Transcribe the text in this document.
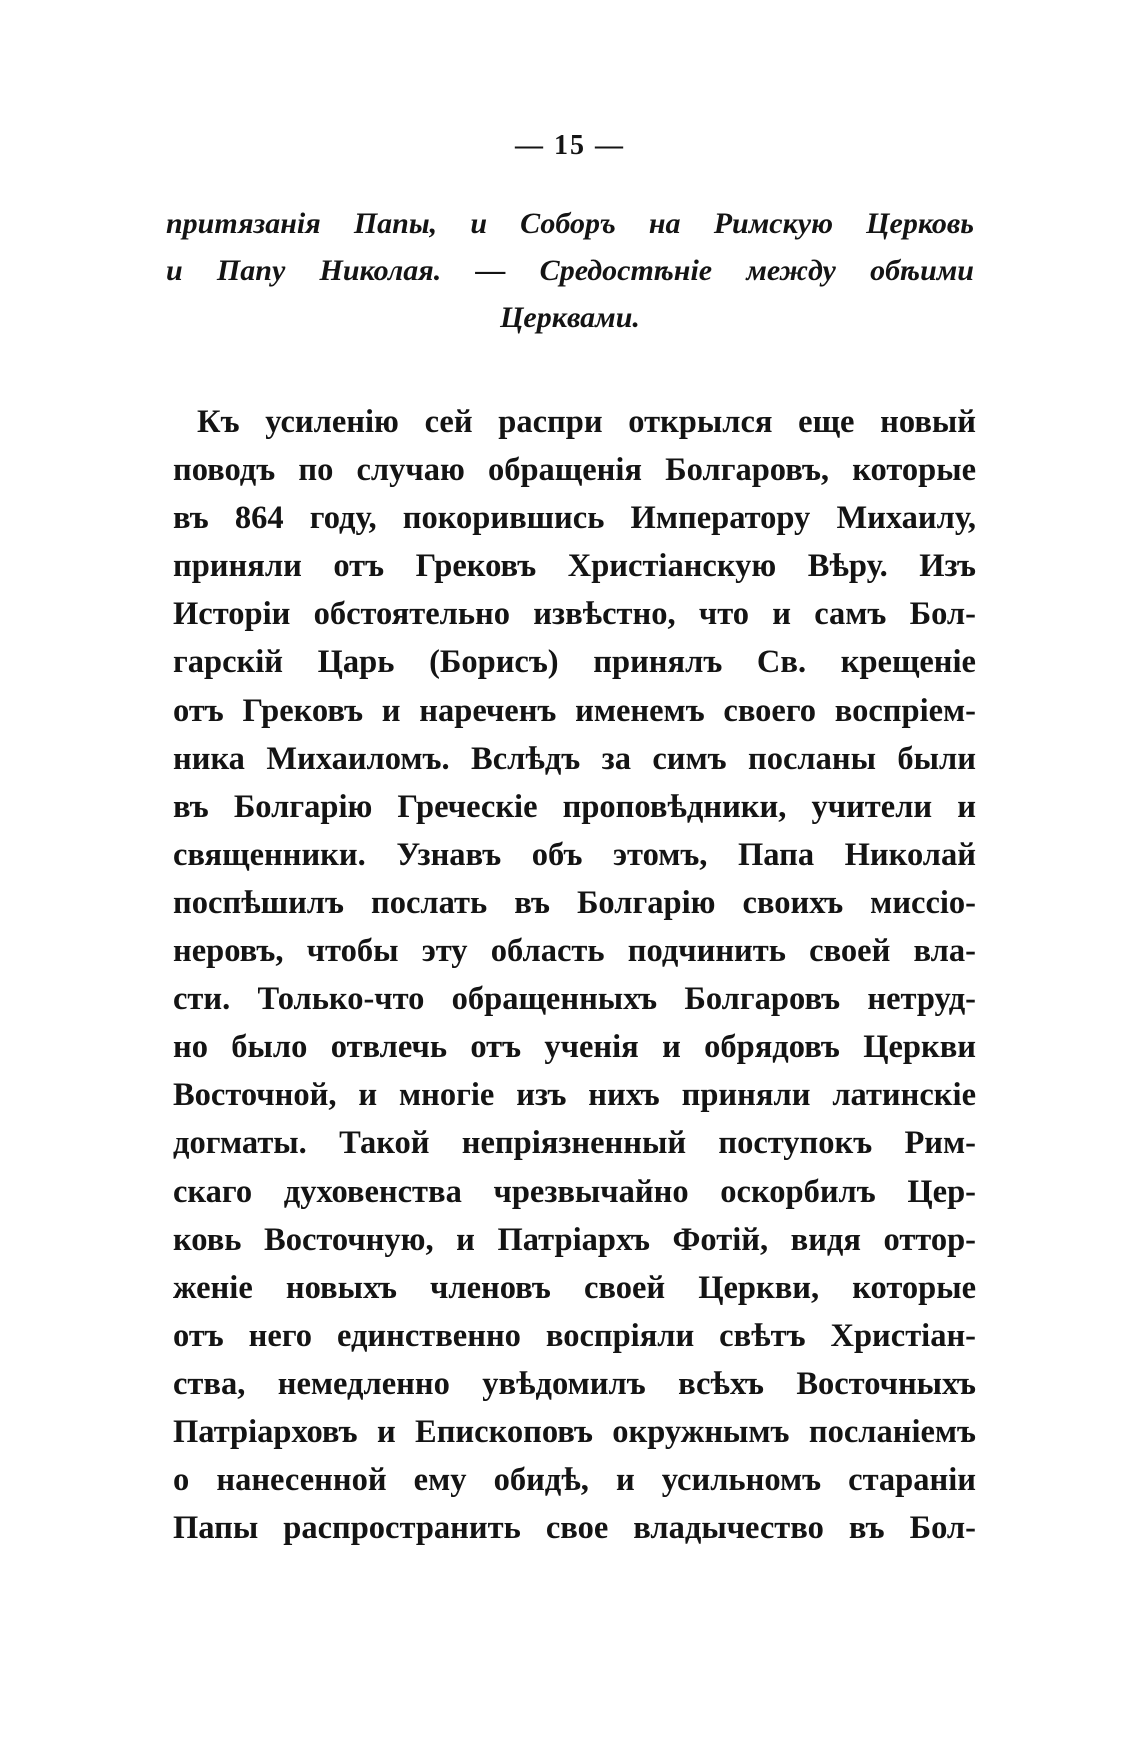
— 15 —
притязанія Папы, и Соборъ на Римскую Церковь
и Папу Николая. — Средостѣніе между обѣими
Церквами.
Къ усиленію сей распри открылся еще новый
поводъ по случаю обращенія Болгаровъ, которые
въ 864 году, покорившись Императору Михаилу,
приняли отъ Грековъ Христіанскую Вѣру. Изъ
Исторіи обстоятельно извѣстно, что и самъ Бол-
гарскій Царь (Борисъ) принялъ Св. крещеніе
отъ Грековъ и нареченъ именемъ своего воспріем-
ника Михаиломъ. Вслѣдъ за симъ посланы были
въ Болгарію Греческіе проповѣдники, учители и
священники. Узнавъ объ этомъ, Папа Николай
поспѣшилъ послать въ Болгарію своихъ миссіо-
неровъ, чтобы эту область подчинить своей вла-
сти. Только-что обращенныхъ Болгаровъ нетруд-
но было отвлечь отъ ученія и обрядовъ Церкви
Восточной, и многіе изъ нихъ приняли латинскіе
догматы. Такой непріязненный поступокъ Рим-
скаго духовенства чрезвычайно оскорбилъ Цер-
ковь Восточную, и Патріархъ Фотій, видя оттор-
женіе новыхъ членовъ своей Церкви, которые
отъ него единственно воспріяли свѣтъ Христіан-
ства, немедленно увѣдомилъ всѣхъ Восточныхъ
Патріарховъ и Епископовъ окружнымъ посланіемъ
о нанесенной ему обидѣ, и усильномъ стараніи
Папы распространить свое владычество въ Бол-
